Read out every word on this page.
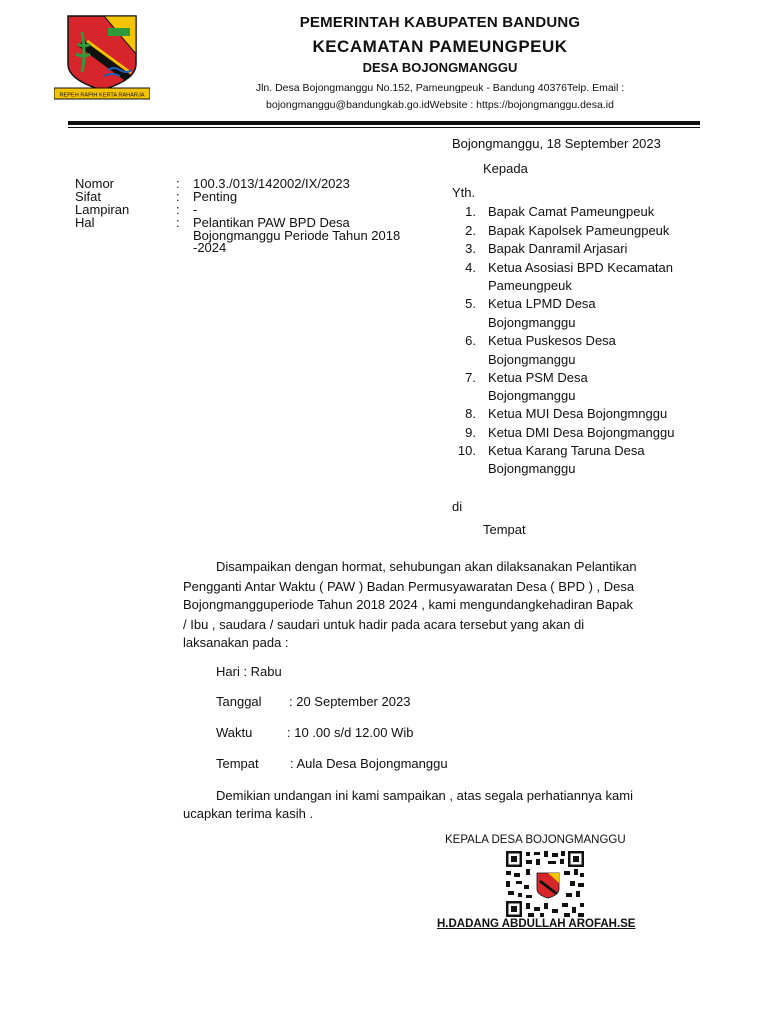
REPEH RAPIH KERTA RAHARJA
PEMERINTAH KABUPATEN BANDUNG
KECAMATAN PAMEUNGPEUK
DESA BOJONGMANGGU
Jln. Desa Bojongmanggu No.152, Pameungpeuk - Bandung 40376Telp. Email :
bojongmanggu@bandungkab.go.idWebsite : https://bojongmanggu.desa.id
Bojongmanggu, 18 September 2023
Kepada
Yth.
Nomor	: 100.3./013/142002/IX/2023
Sifat	: Penting
Lampiran	: -
Hal	: Pelantikan PAW BPD Desa
Bojongmanggu Periode Tahun 2018
-2024
1. Bapak Camat Pameungpeuk
2. Bapak Kapolsek Pameungpeuk
3. Bapak Danramil Arjasari
4. Ketua Asosiasi BPD Kecamatan
Pameungpeuk
5. Ketua LPMD Desa
Bojongmanggu
6. Ketua Puskesos Desa
Bojongmanggu
7. Ketua PSM Desa
Bojongmanggu
8. Ketua MUI Desa Bojongmnggu
9. Ketua DMI Desa Bojongmanggu
10. Ketua Karang Taruna Desa
Bojongmanggu
di
Tempat
Disampaikan dengan hormat, sehubungan akan dilaksanakan Pelantikan
Pengganti Antar Waktu ( PAW ) Badan Permusyawaratan Desa ( BPD ) , Desa
Bojongmangguperiode Tahun 2018 2024 , kami mengundangkehadiran Bapak
/ Ibu , saudara / saudari untuk hadir pada acara tersebut yang akan di
laksanakan pada :
Hari : Rabu
Tanggal : 20 September 2023
Waktu	: 10 .00 s/d 12.00 Wib
Tempat : Aula Desa Bojongmanggu
Demikian undangan ini kami sampaikan , atas segala perhatiannya kami
ucapkan terima kasih .
KEPALA DESA BOJONGMANGGU
H.DADANG ABDULLAH AROFAH.SE
